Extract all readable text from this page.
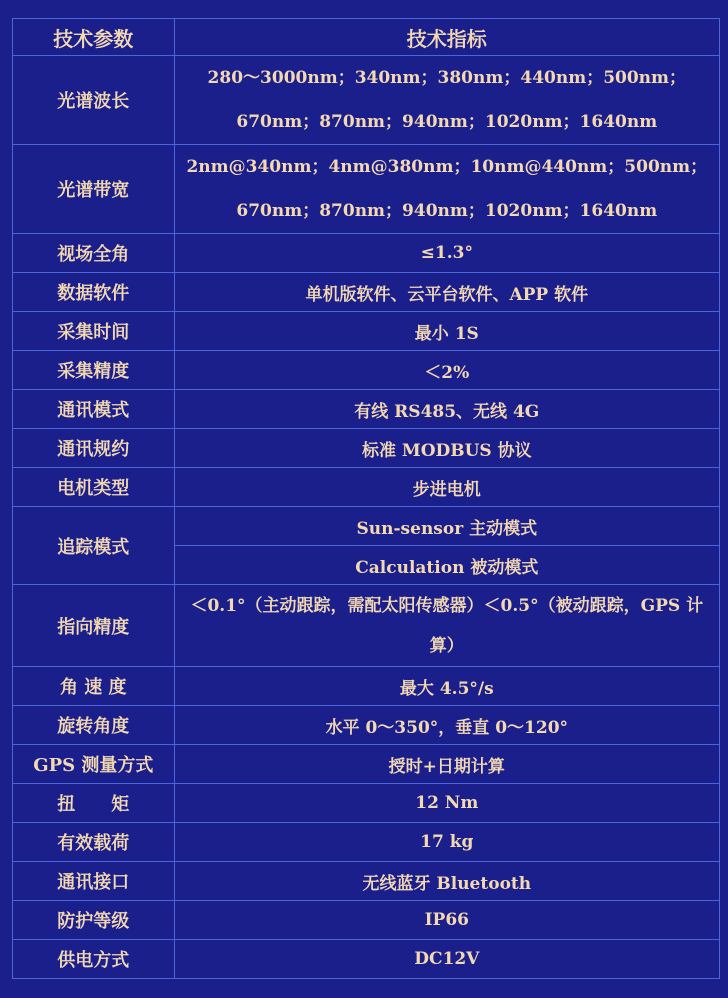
技术参数	技术指标
光谱波长	280～3000nm；340nm；380nm；440nm；500nm；670nm；870nm；940nm；1020nm；1640nm

光谱带宽	2nm@340nm；4nm@380nm；10nm@440nm；500nm；670nm；870nm；940nm；1020nm；1640nm

视场全角	≤1.3°
数据软件	单机版软件、云平台软件、APP 软件
采集时间	最小 1S
采集精度	＜2%
通讯模式	有线 RS485、无线 4G
通讯规约	标准 MODBUS 协议
电机类型	步进电机
追踪模式	Sun-sensor 主动模式
	Calculation 被动模式
指向精度	＜0.1°（主动跟踪，需配太阳传感器）＜0.5°（被动跟踪，GPS 计算）

角 速 度	最大 4.5°/s
旋转角度	水平 0～350°，垂直 0～120°
GPS 测量方式	授时+日期计算
扭　　矩	12 Nm
有效载荷	17 kg
通讯接口	无线蓝牙 Bluetooth
防护等级	IP66
供电方式	DC12V
